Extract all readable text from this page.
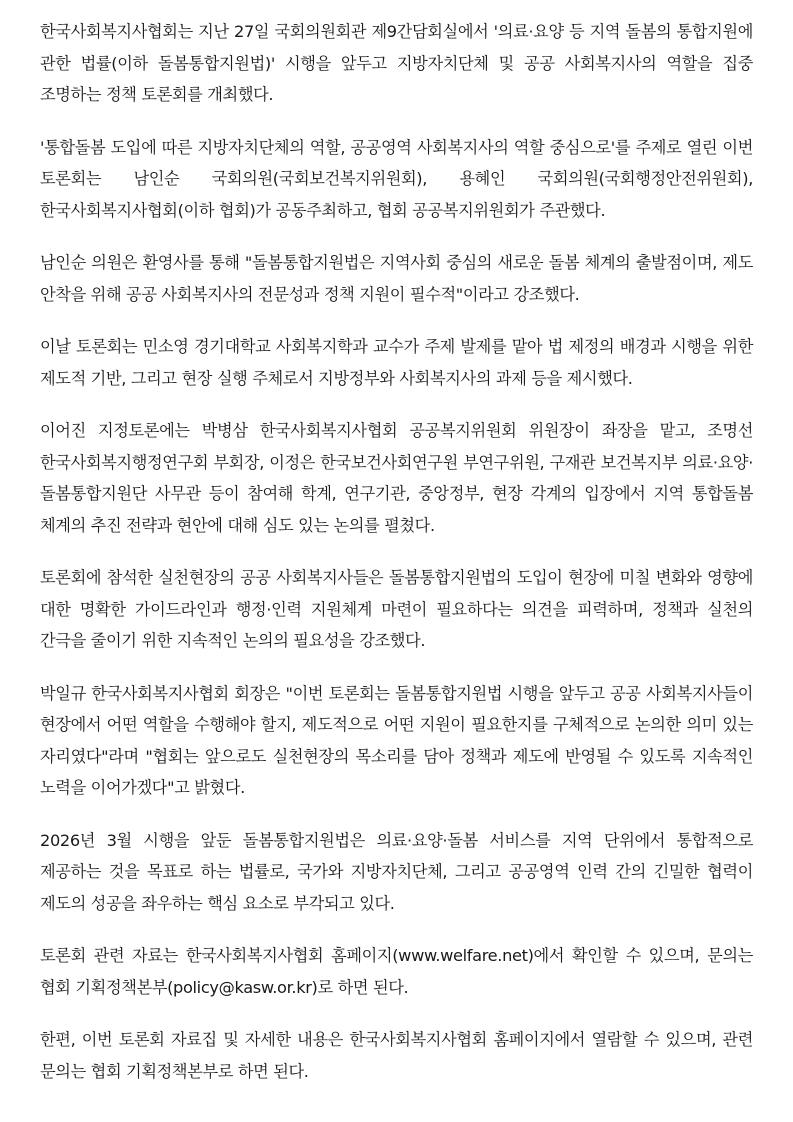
한국사회복지사협회는 지난 27일 국회의원회관 제9간담회실에서 '의료·요양 등 지역 돌봄의 통합지원에 관한 법률(이하 돌봄통합지원법)' 시행을 앞두고 지방자치단체 및 공공 사회복지사의 역할을 집중 조명하는 정책 토론회를 개최했다.

'통합돌봄 도입에 따른 지방자치단체의 역할, 공공영역 사회복지사의 역할 중심으로'를 주제로 열린 이번 토론회는 남인순 국회의원(국회보건복지위원회), 용혜인 국회의원(국회행정안전위원회), 한국사회복지사협회(이하 협회)가 공동주최하고, 협회 공공복지위원회가 주관했다.

남인순 의원은 환영사를 통해 "돌봄통합지원법은 지역사회 중심의 새로운 돌봄 체계의 출발점이며, 제도 안착을 위해 공공 사회복지사의 전문성과 정책 지원이 필수적"이라고 강조했다.

이날 토론회는 민소영 경기대학교 사회복지학과 교수가 주제 발제를 맡아 법 제정의 배경과 시행을 위한 제도적 기반, 그리고 현장 실행 주체로서 지방정부와 사회복지사의 과제 등을 제시했다.

이어진 지정토론에는 박병삼 한국사회복지사협회 공공복지위원회 위원장이 좌장을 맡고, 조명선 한국사회복지행정연구회 부회장, 이정은 한국보건사회연구원 부연구위원, 구재관 보건복지부 의료·요양·돌봄통합지원단 사무관 등이 참여해 학계, 연구기관, 중앙정부, 현장 각계의 입장에서 지역 통합돌봄 체계의 추진 전략과 현안에 대해 심도 있는 논의를 펼쳤다.

토론회에 참석한 실천현장의 공공 사회복지사들은 돌봄통합지원법의 도입이 현장에 미칠 변화와 영향에 대한 명확한 가이드라인과 행정·인력 지원체계 마련이 필요하다는 의견을 피력하며, 정책과 실천의 간극을 줄이기 위한 지속적인 논의의 필요성을 강조했다.

박일규 한국사회복지사협회 회장은 "이번 토론회는 돌봄통합지원법 시행을 앞두고 공공 사회복지사들이 현장에서 어떤 역할을 수행해야 할지, 제도적으로 어떤 지원이 필요한지를 구체적으로 논의한 의미 있는 자리였다"라며 "협회는 앞으로도 실천현장의 목소리를 담아 정책과 제도에 반영될 수 있도록 지속적인 노력을 이어가겠다"고 밝혔다.

2026년 3월 시행을 앞둔 돌봄통합지원법은 의료·요양·돌봄 서비스를 지역 단위에서 통합적으로 제공하는 것을 목표로 하는 법률로, 국가와 지방자치단체, 그리고 공공영역 인력 간의 긴밀한 협력이 제도의 성공을 좌우하는 핵심 요소로 부각되고 있다.

토론회 관련 자료는 한국사회복지사협회 홈페이지(www.welfare.net)에서 확인할 수 있으며, 문의는 협회 기획정책본부(policy@kasw.or.kr)로 하면 된다.

한편, 이번 토론회 자료집 및 자세한 내용은 한국사회복지사협회 홈페이지에서 열람할 수 있으며, 관련 문의는 협회 기획정책본부로 하면 된다.
